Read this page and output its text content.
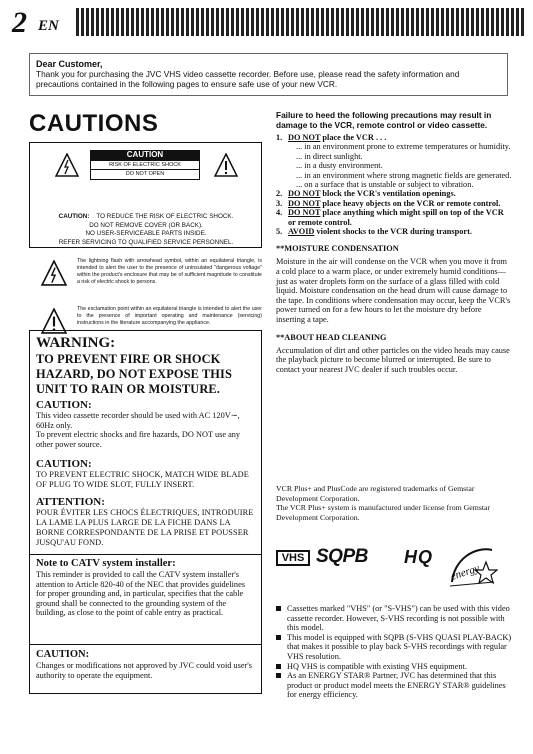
2 EN
Dear Customer,
Thank you for purchasing the JVC VHS video cassette recorder. Before use, please read the safety information and precautions contained in the following pages to ensure safe use of your new VCR.
CAUTIONS
CAUTION
RISK OF ELECTRIC SHOCK
DO NOT OPEN
CAUTION: TO REDUCE THE RISK OF ELECTRIC SHOCK.
DO NOT REMOVE COVER (OR BACK).
NO USER-SERVICEABLE PARTS INSIDE.
REFER SERVICING TO QUALIFIED SERVICE PERSONNEL.

The lightning flash with arrowhead symbol, within an equilateral triangle, is intended to alert the user to the presence of uninsulated "dangerous voltage" within the product's enclosure that may be of sufficient magnitude to constitute a risk of electric shock to persons.

The exclamation point within an equilateral triangle is intended to alert the user to the presence of important operating and maintenance (servicing) instructions in the literature accompanying the appliance.

WARNING:
TO PREVENT FIRE OR SHOCK HAZARD, DO NOT EXPOSE THIS UNIT TO RAIN OR MOISTURE.
CAUTION:
This video cassette recorder should be used with AC 120V∼, 60Hz only.
To prevent electric shocks and fire hazards, DO NOT use any other power source.
CAUTION:
TO PREVENT ELECTRIC SHOCK, MATCH WIDE BLADE OF PLUG TO WIDE SLOT, FULLY INSERT.
ATTENTION:
POUR ÉVITER LES CHOCS ÉLECTRIQUES, INTRODUIRE LA LAME LA PLUS LARGE DE LA FICHE DANS LA BORNE CORRESPONDANTE DE LA PRISE ET POUSSER JUSQU'AU FOND.
Note to CATV system installer:
This reminder is provided to call the CATV system installer's attention to Article 820-40 of the NEC that provides guidelines for proper grounding and, in particular, specifies that the cable ground shall be connected to the grounding system of the building, as close to the point of cable entry as practical.
CAUTION:
Changes or modifications not approved by JVC could void user's authority to operate the equipment.
Failure to heed the following precautions may result in damage to the VCR, remote control or video cassette.
1. DO NOT place the VCR . . .
... in an environment prone to extreme temperatures or humidity.
... in direct sunlight.
... in a dusty environment.
... in an environment where strong magnetic fields are generated.
... on a surface that is unstable or subject to vibration.
2. DO NOT block the VCR's ventilation openings.
3. DO NOT place heavy objects on the VCR or remote control.
4. DO NOT place anything which might spill on top of the VCR or remote control.
5. AVOID violent shocks to the VCR during transport.
**MOISTURE CONDENSATION
Moisture in the air will condense on the VCR when you move it from a cold place to a warm place, or under extremely humid conditions—just as water droplets form on the surface of a glass filled with cold liquid. Moisture condensation on the head drum will cause damage to the tape. In conditions where condensation may occur, keep the VCR's power turned on for a few hours to let the moisture dry before inserting a tape.
**ABOUT HEAD CLEANING
Accumulation of dirt and other particles on the video heads may cause the playback picture to become blurred or interrupted. Be sure to contact your nearest JVC dealer if such troubles occur.
VCR Plus+ and PlusCode are registered trademarks of Gemstar Development Corporation.
The VCR Plus+ system is manufactured under license from Gemstar Development Corporation.
VHS SQPB HQ
energy
Cassettes marked "VHS" (or "S-VHS") can be used with this video cassette recorder. However, S-VHS recording is not possible with this model.
This model is equipped with SQPB (S-VHS QUASI PLAY-BACK) that makes it possible to play back S-VHS recordings with regular VHS resolution.
HQ VHS is compatible with existing VHS equipment.
As an ENERGY STAR® Partner, JVC has determined that this product or product model meets the ENERGY STAR® guidelines for energy efficiency.
